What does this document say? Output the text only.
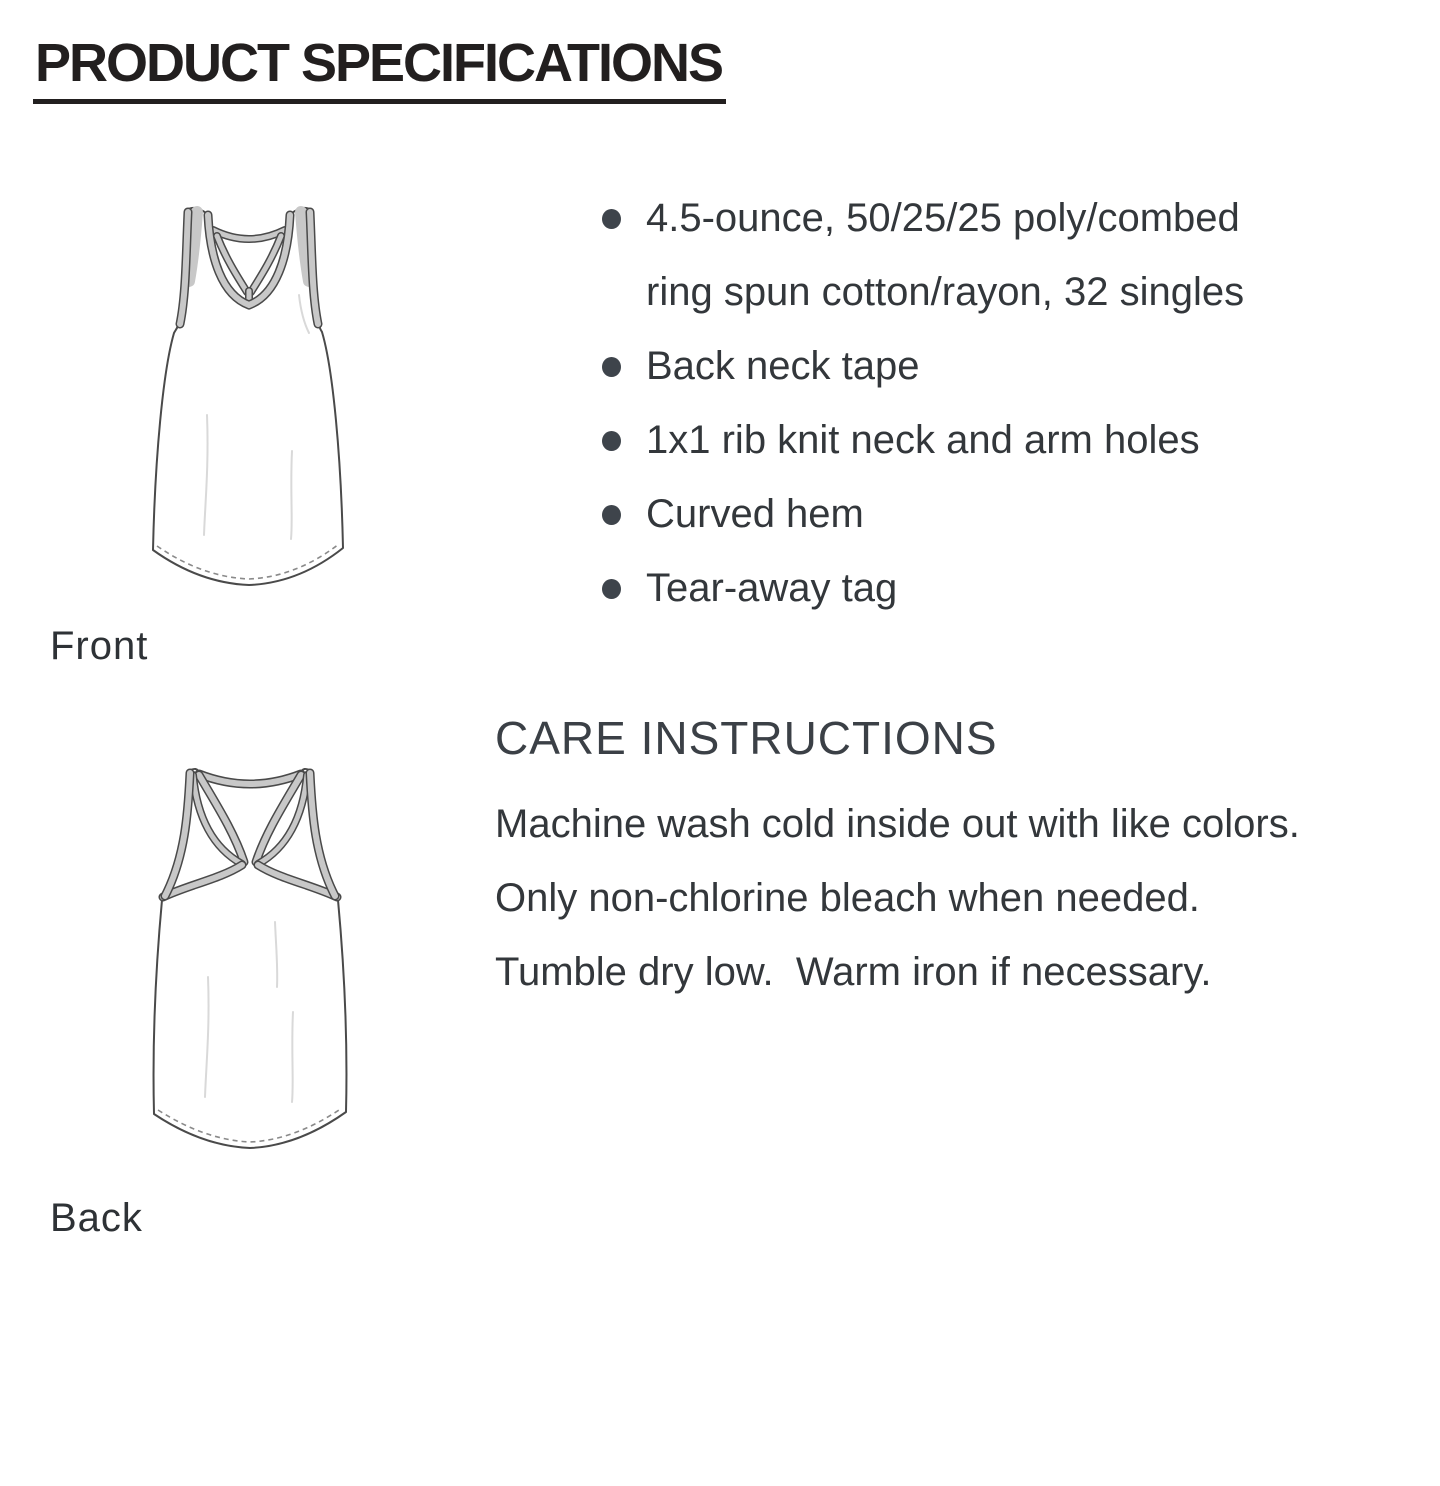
PRODUCT SPECIFICATIONS
Front
4.5-ounce, 50/25/25 poly/combed ring spun cotton/rayon, 32 singles
Back neck tape
1x1 rib knit neck and arm holes
Curved hem
Tear-away tag
Back
CARE INSTRUCTIONS
Machine wash cold inside out with like colors.
Only non-chlorine bleach when needed.
Tumble dry low.  Warm iron if necessary.
